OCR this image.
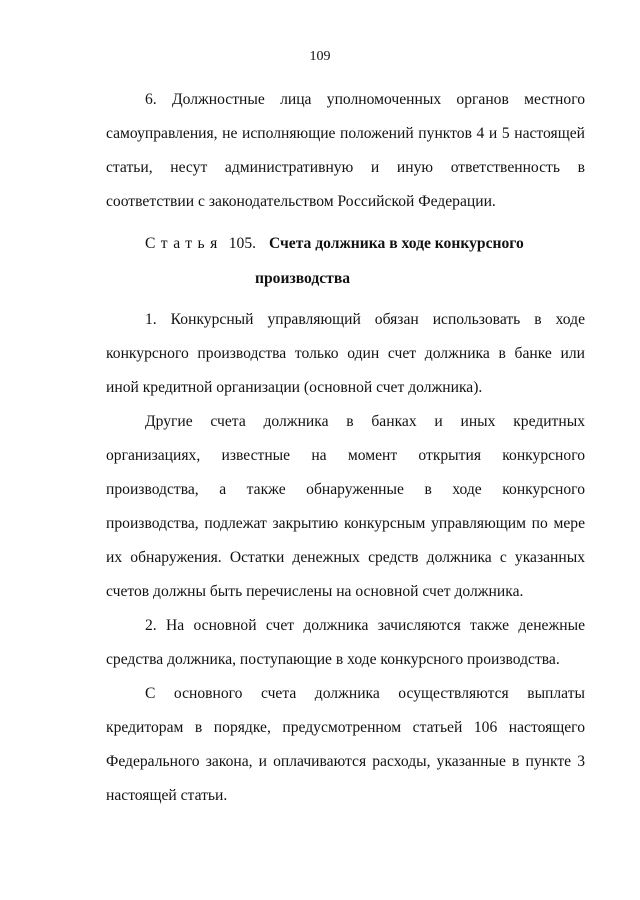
109
6. Должностные лица уполномоченных органов местного
самоуправления, не исполняющие положений пунктов 4 и 5 настоящей
статьи, несут административную и иную ответственность в
соответствии с законодательством Российской Федерации.
Статья 105. Счета должника в ходе конкурсного
производства
1. Конкурсный управляющий обязан использовать в ходе
конкурсного производства только один счет должника в банке или
иной кредитной организации (основной счет должника).
Другие счета должника в банках и иных кредитных
организациях, известные на момент открытия конкурсного
производства, а также обнаруженные в ходе конкурсного
производства, подлежат закрытию конкурсным управляющим по мере
их обнаружения. Остатки денежных средств должника с указанных
счетов должны быть перечислены на основной счет должника.
2. На основной счет должника зачисляются также денежные
средства должника, поступающие в ходе конкурсного производства.
С основного счета должника осуществляются выплаты
кредиторам в порядке, предусмотренном статьей 106 настоящего
Федерального закона, и оплачиваются расходы, указанные в пункте 3
настоящей статьи.
